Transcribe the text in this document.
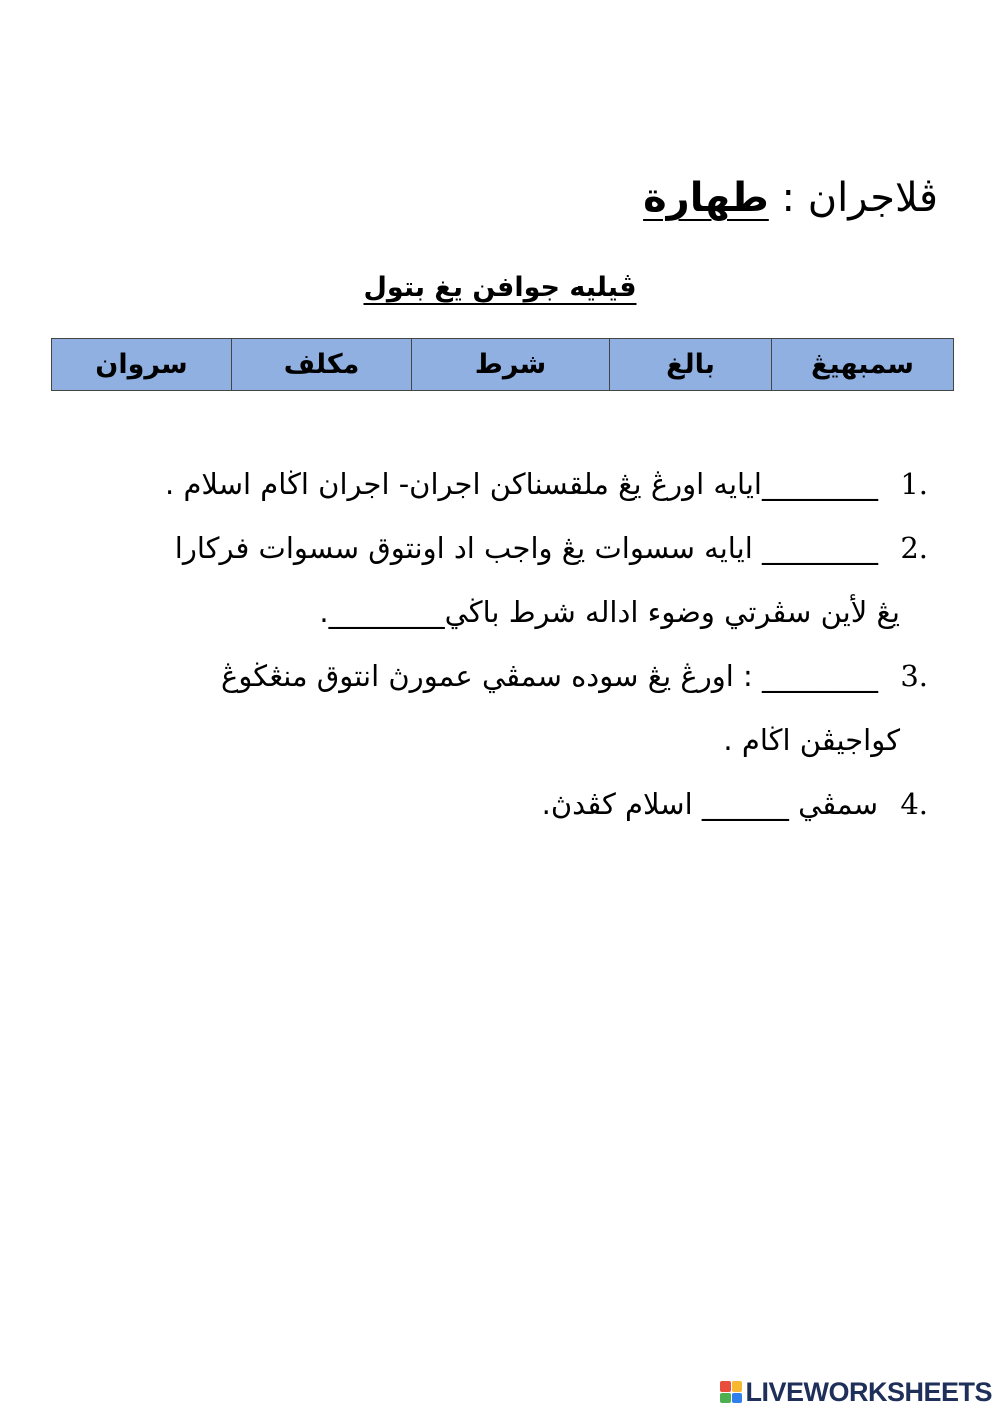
ڤلاجران : طهارة
ڤيليه جوافن يغ بتول
سروان	مكلف	شرط	بالغ	سمبهيڠ
1.
________ايايه اورڠ يڠ ملقسناكن اجران- اجران اڬام اسلام .
2.
________ ايايه سسوات يڠ واجب اد اونتوق سسوات فركارا
يڠ لأين سڤرتي وضوء اداله شرط باڬي________.
3.
________ : اورڠ يڠ سوده سمڤي عمورڽ انتوق منڠڬوڠ
كواجيڤن اڬام .
4.
سمڤي ______ اسلام كڤدڽ.
LIVEWORKSHEETS
